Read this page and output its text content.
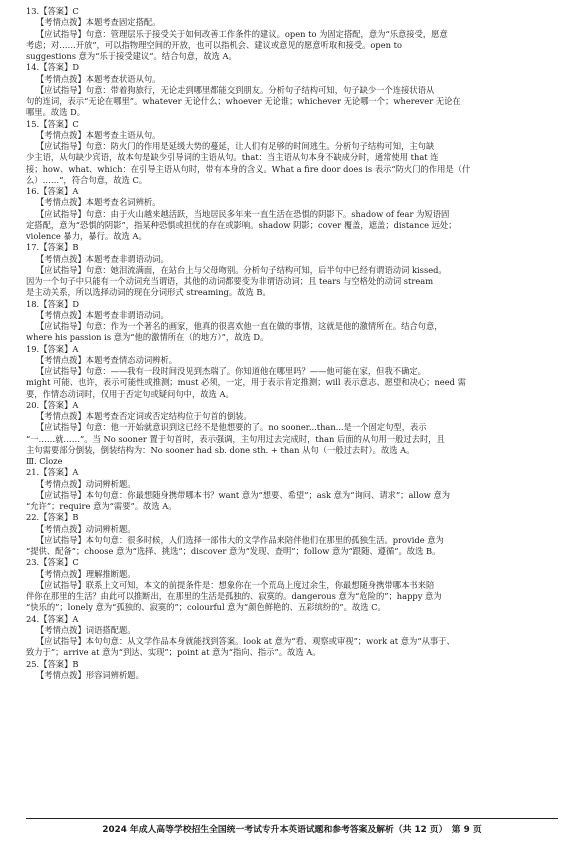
13.【答案】C
【考情点拨】本题考查固定搭配。
【应试指导】句意：管理层乐于接受关于如何改善工作条件的建议。open to 为固定搭配，意为“乐意接受，愿意
考虑；对……开放”，可以指物理空间的开放，也可以指机会、建议或意见的愿意听取和接受。open to
suggestions 意为“乐于接受建议”。结合句意，故选 A。
14.【答案】D
【考情点拨】本题考查状语从句。
【应试指导】句意：带着狗旅行，无论走到哪里都能交到朋友。分析句子结构可知，句子缺少一个连接状语从
句的连词，表示“无论在哪里”。whatever 无论什么；whoever 无论谁；whichever 无论哪一个；wherever 无论在
哪里。故选 D。
15.【答案】C
【考情点拨】本题考查主语从句。
【应试指导】句意：防火门的作用是延缓大势的蔓延，让人们有足够的时间逃生。分析句子结构可知，主句缺
少主语，从句缺少宾语，故本句是缺少引导词的主语从句。that：当主语从句本身不缺成分时，通常使用 that 连
接；how、what、which：在引导主语从句时，带有本身的含义。What a fire door does is 表示“防火门的作用是（什
么）……”，符合句意，故选 C。
16.【答案】A
【考情点拨】本题考查名词辨析。
【应试指导】句意：由于火山越来越活跃，当地居民多年来一直生活在恐惧的阴影下。shadow of fear 为短语固
定搭配，意为“恐惧的阴影”，指某种恐惧或担忧的存在或影响。shadow 阴影；cover 覆盖，遮盖；distance 远处；
violence 暴力，暴行。故选 A。
17.【答案】B
【考情点拨】本题考查非谓语动词。
【应试指导】句意：她泪流满面，在站台上与父母吻别。分析句子结构可知，后半句中已经有谓语动词 kissed。
因为一个句子中只能有一个动词充当谓语，其他的动词都要变为非谓语动词；且 tears 与空格处的动词 stream
是主动关系，所以选择动词的现在分词形式 streaming。故选 B。
18.【答案】D
【考情点拨】本题考查非谓语动词。
【应试指导】句意：作为一个著名的画家，他真的很喜欢他一直在做的事情，这就是他的激情所在。结合句意，
where his passion is 意为“他的激情所在（的地方）”，故选 D。
19.【答案】A
【考情点拨】本题考查情态动词辨析。
【应试指导】句意：——我有一段时间没见到杰瑞了。你知道他在哪里吗？——他可能在家，但我不确定。
might 可能、也许，表示可能性或推测；must 必须，一定，用于表示肯定推测；will 表示意志、愿望和决心；need 需
要，作情态动词时，仅用于否定句或疑问句中，故选 A。
20.【答案】A
【考情点拨】本题考查否定词或否定结构位于句首的倒装。
【应试指导】句意：他一开始就意识到这已经不是他想要的了。no sooner...than...是一个固定句型，表示
“一……就……”。当 No sooner 置于句首时，表示强调，主句用过去完成时，than 后面的从句用一般过去时，且
主句需要部分倒装，倒装结构为：No sooner had sb. done sth. + than 从句（一般过去时）。故选 A。
Ⅲ. Cloze
21.【答案】A
【考情点拨】动词辨析题。
【应试指导】本句句意：你最想随身携带哪本书？want 意为“想要、希望”；ask 意为“询问、请求”；allow 意为
“允许”；require 意为“需要”。故选 A。
22.【答案】B
【考情点拨】动词辨析题。
【应试指导】本句句意：很多时候，人们选择一部伟大的文学作品来陪伴他们在那里的孤独生活。provide 意为
“提供、配备”；choose 意为“选择、挑选”；discover 意为“发现、查明”；follow 意为“跟随、遵循”。故选 B。
23.【答案】C
【考情点拨】理解推断题。
【应试指导】联系上文可知，本文的前提条件是：想象你在一个荒岛上度过余生，你最想随身携带哪本书来陪
伴你在那里的生活？由此可以推断出，在那里的生活是孤独的、寂寞的。dangerous 意为“危险的”；happy 意为
“快乐的”；lonely 意为“孤独的、寂寞的”；colourful 意为“颜色鲜艳的、五彩缤纷的”。故选 C。
24.【答案】A
【考情点拨】词语搭配题。
【应试指导】本句句意：从文学作品本身就能找到答案。look at 意为“看、观察或审视”；work at 意为“从事于、
致力于”；arrive at 意为“到达、实现”；point at 意为“指向、指示”。故选 A。
25.【答案】B
【考情点拨】形容词辨析题。
2024 年成人高等学校招生全国统一考试专升本英语试题和参考答案及解析（共 12 页）　第 9 页
